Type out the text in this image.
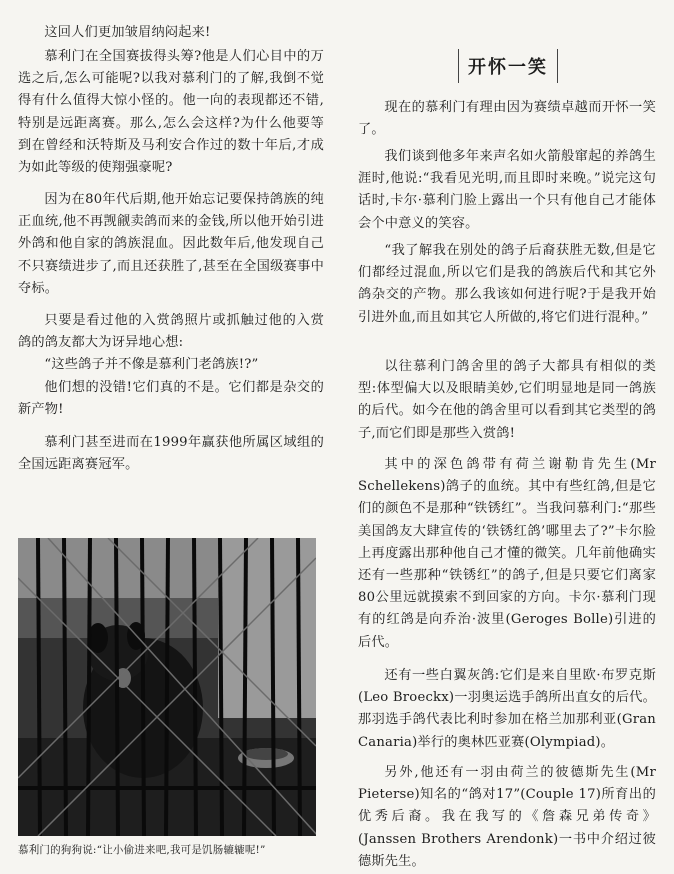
这回人们更加皱眉纳闷起来!

慕利门在全国赛拔得头筹?他是人们心目中的万选之后,怎么可能呢?以我对慕利门的了解,我倒不觉得有什么值得大惊小怪的。他一向的表现都还不错,特别是远距离赛。那么,怎么会这样?为什么他要等到在曾经和沃特斯及马利安合作过的数十年后,才成为如此等级的使翔强豪呢?

因为在80年代后期,他开始忘记要保持鸽族的纯正血统,他不再觊觎卖鸽而来的金钱,所以他开始引进外鸽和他自家的鸽族混血。因此数年后,他发现自己不只赛绩进步了,而且还获胜了,甚至在全国级赛事中夺标。

只要是看过他的入赏鸽照片或抓触过他的入赏鸽的鸽友都大为讶异地心想:

“这些鸽子并不像是慕利门老鸽族!?”

他们想的没错!它们真的不是。它们都是杂交的新产物!

慕利门甚至进而在1999年赢获他所属区域组的全国远距离赛冠军。

慕利门的狗狗说:“让小偷进来吧,我可是饥肠辘辘呢!”
开怀一笑

现在的慕利门有理由因为赛绩卓越而开怀一笑了。

我们谈到他多年来声名如火箭般窜起的养鸽生涯时,他说:“我看见光明,而且即时来晚。”说完这句话时,卡尔·慕利门脸上露出一个只有他自己才能体会个中意义的笑容。

“我了解我在别处的鸽子后裔获胜无数,但是它们都经过混血,所以它们是我的鸽族后代和其它外鸽杂交的产物。那么我该如何进行呢?于是我开始引进外血,而且如其它人所做的,将它们进行混种。”

以往慕利门鸽舍里的鸽子大都具有相似的类型:体型偏大以及眼睛美妙,它们明显地是同一鸽族的后代。如今在他的鸽舍里可以看到其它类型的鸽子,而它们即是那些入赏鸽!

其中的深色鸽带有荷兰谢勒肯先生(Mr Schellekens)鸽子的血统。其中有些红鸽,但是它们的颜色不是那种“铁锈红”。当我问慕利门:“那些美国鸽友大肆宣传的‘铁锈红鸽’哪里去了?”卡尔脸上再度露出那种他自己才懂的微笑。几年前他确实还有一些那种“铁锈红”的鸽子,但是只要它们离家80公里远就摸索不到回家的方向。卡尔·慕利门现有的红鸽是向乔治·波里(Geroges Bolle)引进的后代。

还有一些白翼灰鸽:它们是来自里欧·布罗克斯(Leo Broeckx)一羽奥运选手鸽所出直女的后代。那羽选手鸽代表比利时参加在格兰加那利亚(Gran Canaria)举行的奥林匹亚赛(Olympiad)。

另外,他还有一羽由荷兰的彼德斯先生(Mr Pieterse)知名的“鸽对17”(Couple 17)所育出的优秀后裔。我在我写的《詹森兄弟传奇》(Janssen Brothers Arendonk)一书中介绍过彼德斯先生。
